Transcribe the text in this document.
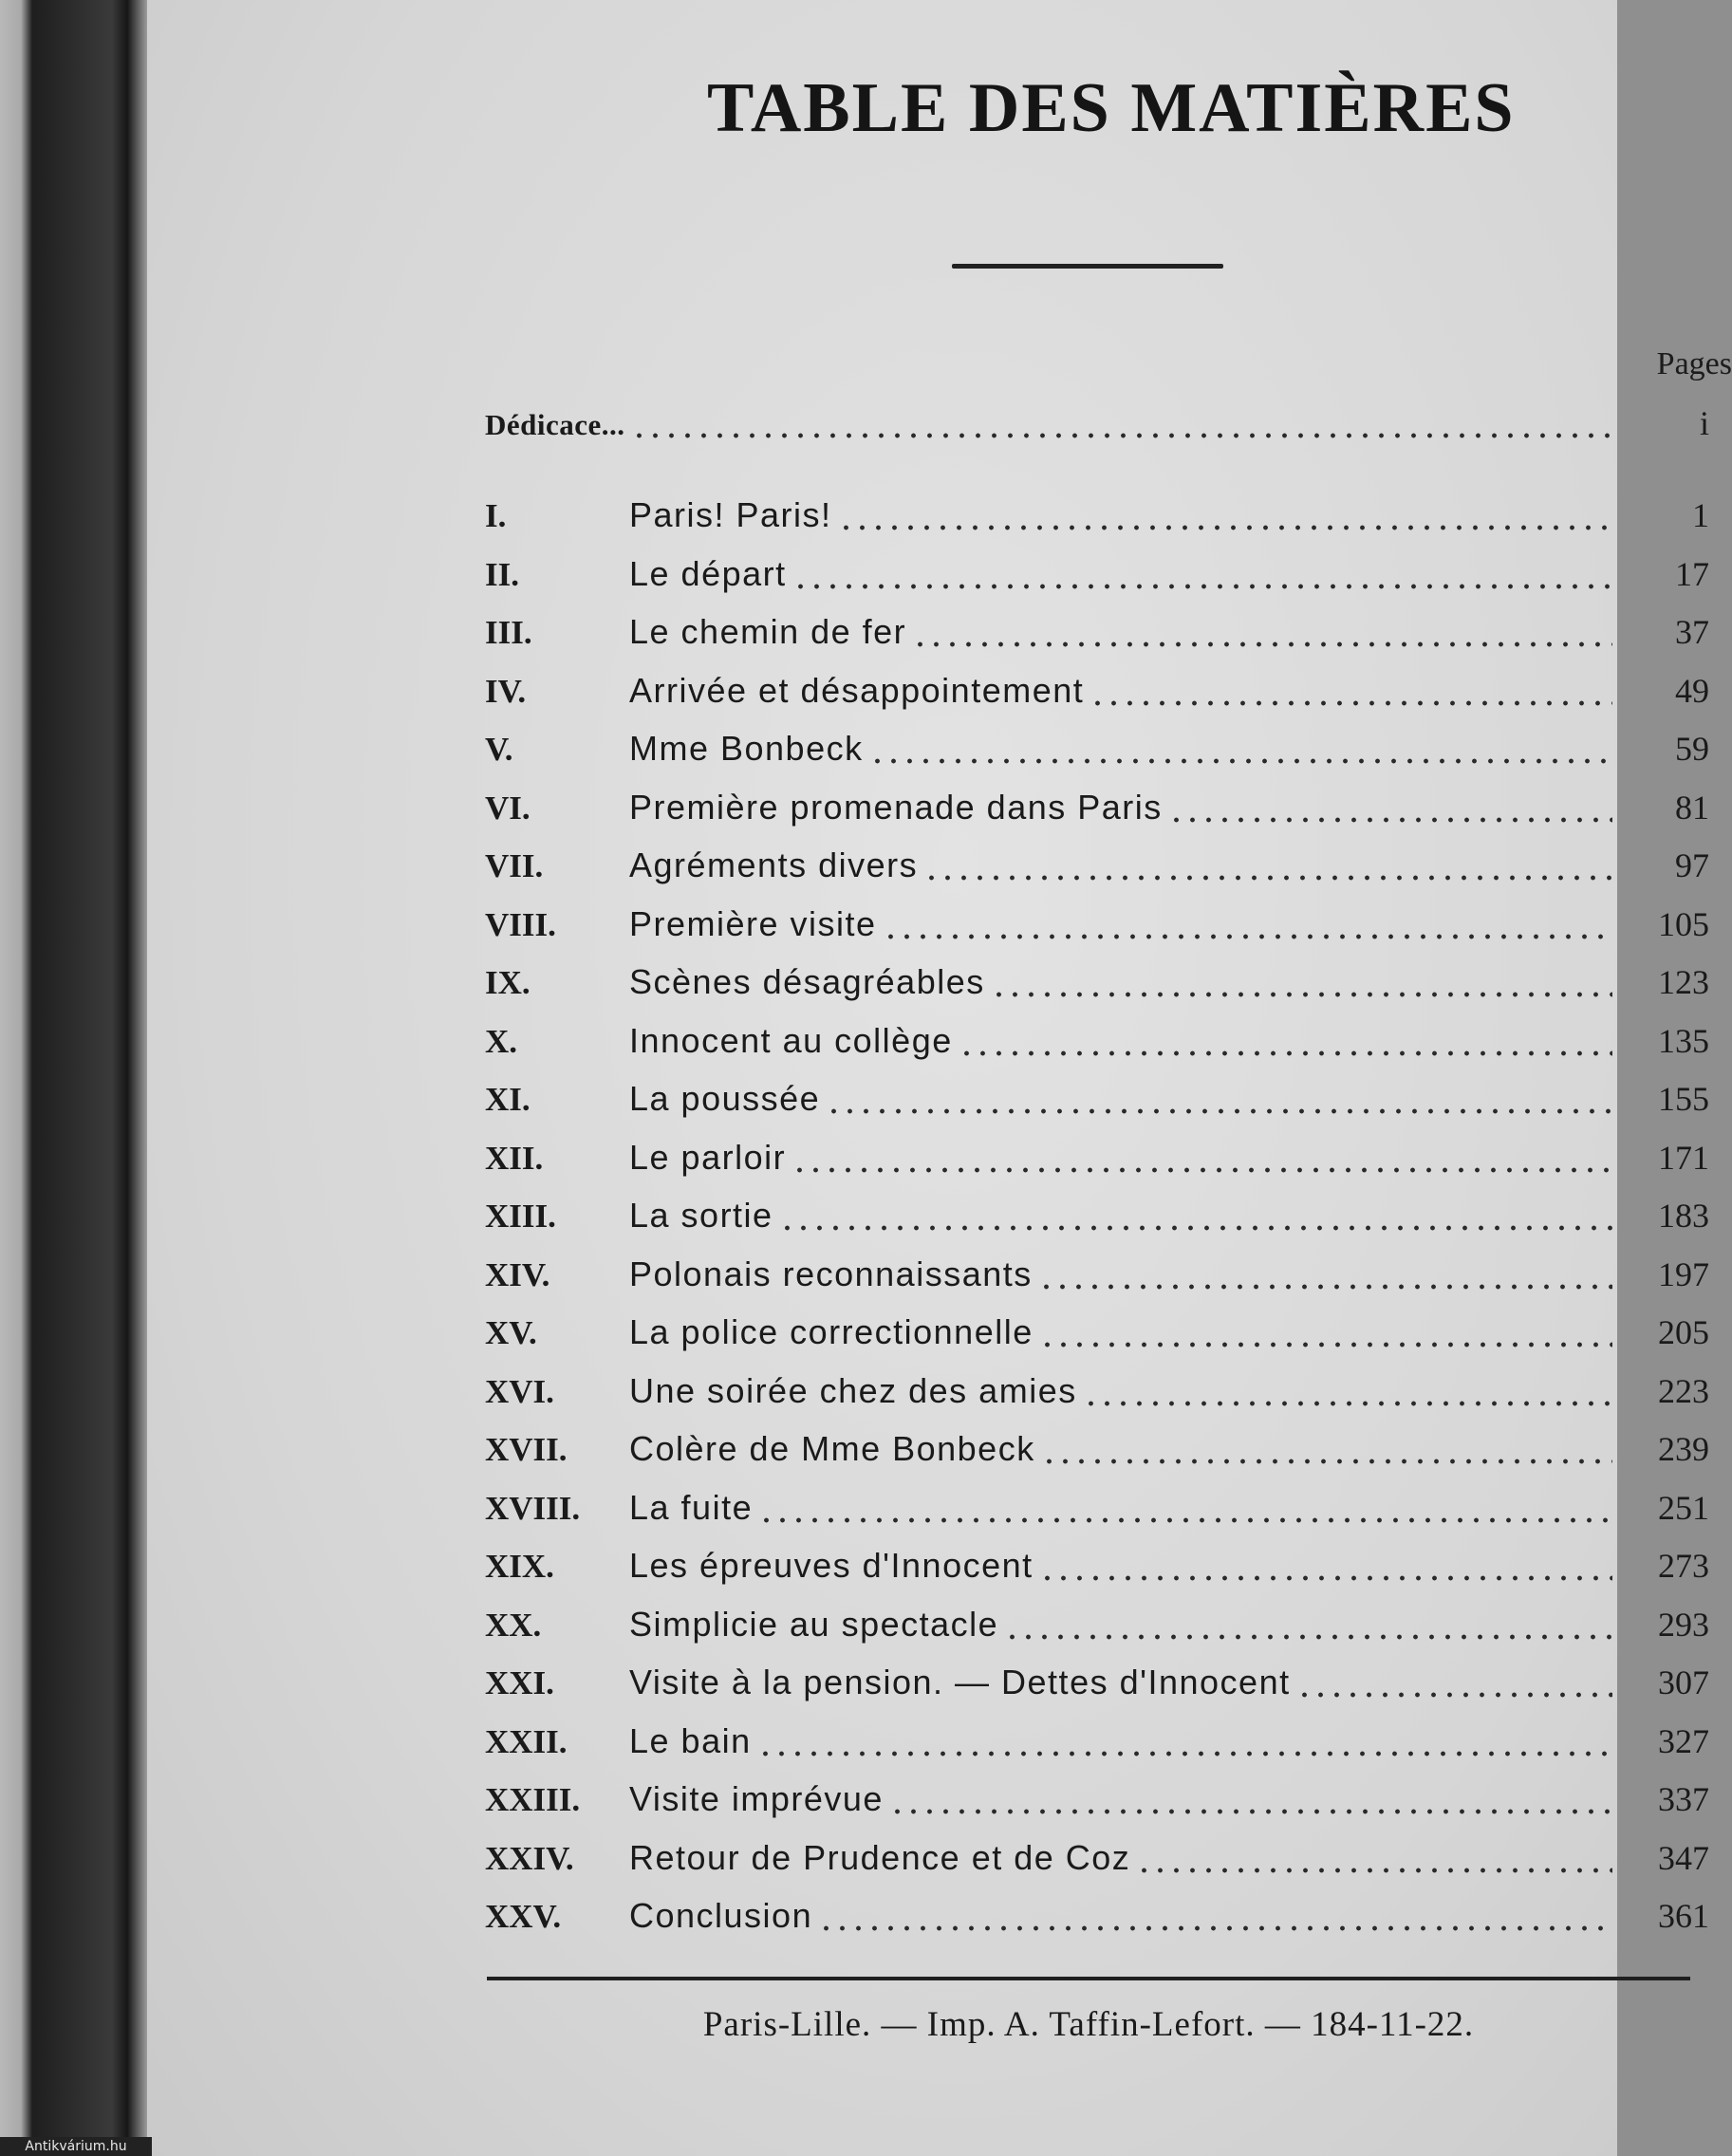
TABLE DES MATIÈRES
Pages
Dédicace...	i
I.	Paris! Paris!	1
II.	Le départ	17
III.	Le chemin de fer	37
IV.	Arrivée et désappointement	49
V.	Mme Bonbeck	59
VI.	Première promenade dans Paris	81
VII.	Agréments divers	97
VIII.	Première visite	105
IX.	Scènes désagréables	123
X.	Innocent au collège	135
XI.	La poussée	155
XII.	Le parloir	171
XIII.	La sortie	183
XIV.	Polonais reconnaissants	197
XV.	La police correctionnelle	205
XVI.	Une soirée chez des amies	223
XVII.	Colère de Mme Bonbeck	239
XVIII.	La fuite	251
XIX.	Les épreuves d'Innocent	273
XX.	Simplicie au spectacle	293
XXI.	Visite à la pension. — Dettes d'Innocent	307
XXII.	Le bain	327
XXIII.	Visite imprévue	337
XXIV.	Retour de Prudence et de Coz	347
XXV.	Conclusion	361
Paris-Lille. — Imp. A. Taffin-Lefort. — 184-11-22.
Antikvárium.hu
